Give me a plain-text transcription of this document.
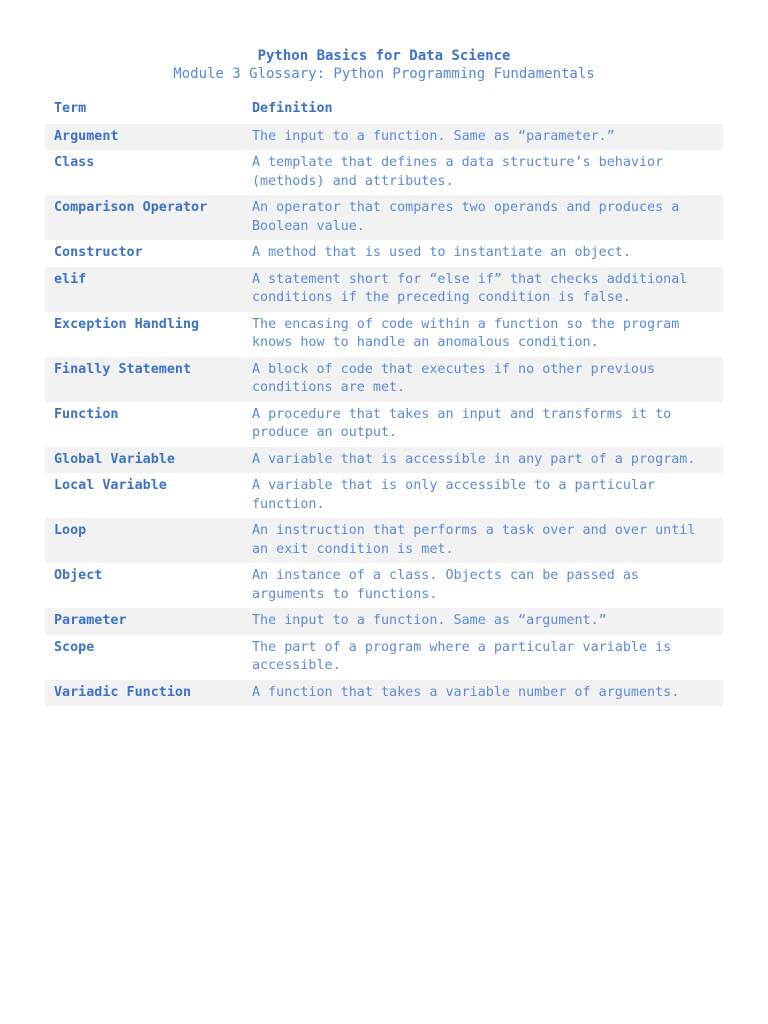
Python Basics for Data Science
Module 3 Glossary: Python Programming Fundamentals
Term	Definition
Argument	The input to a function. Same as “parameter.”
Class	A template that defines a data structure’s behavior (methods) and attributes.
Comparison Operator	An operator that compares two operands and produces a Boolean value.
Constructor	A method that is used to instantiate an object.
elif	A statement short for “else if” that checks additional conditions if the preceding condition is false.
Exception Handling	The encasing of code within a function so the program knows how to handle an anomalous condition.
Finally Statement	A block of code that executes if no other previous conditions are met.
Function	A procedure that takes an input and transforms it to produce an output.
Global Variable	A variable that is accessible in any part of a program.
Local Variable	A variable that is only accessible to a particular function.
Loop	An instruction that performs a task over and over until an exit condition is met.
Object	An instance of a class. Objects can be passed as arguments to functions.
Parameter	The input to a function. Same as “argument.”
Scope	The part of a program where a particular variable is accessible.
Variadic Function	A function that takes a variable number of arguments.
